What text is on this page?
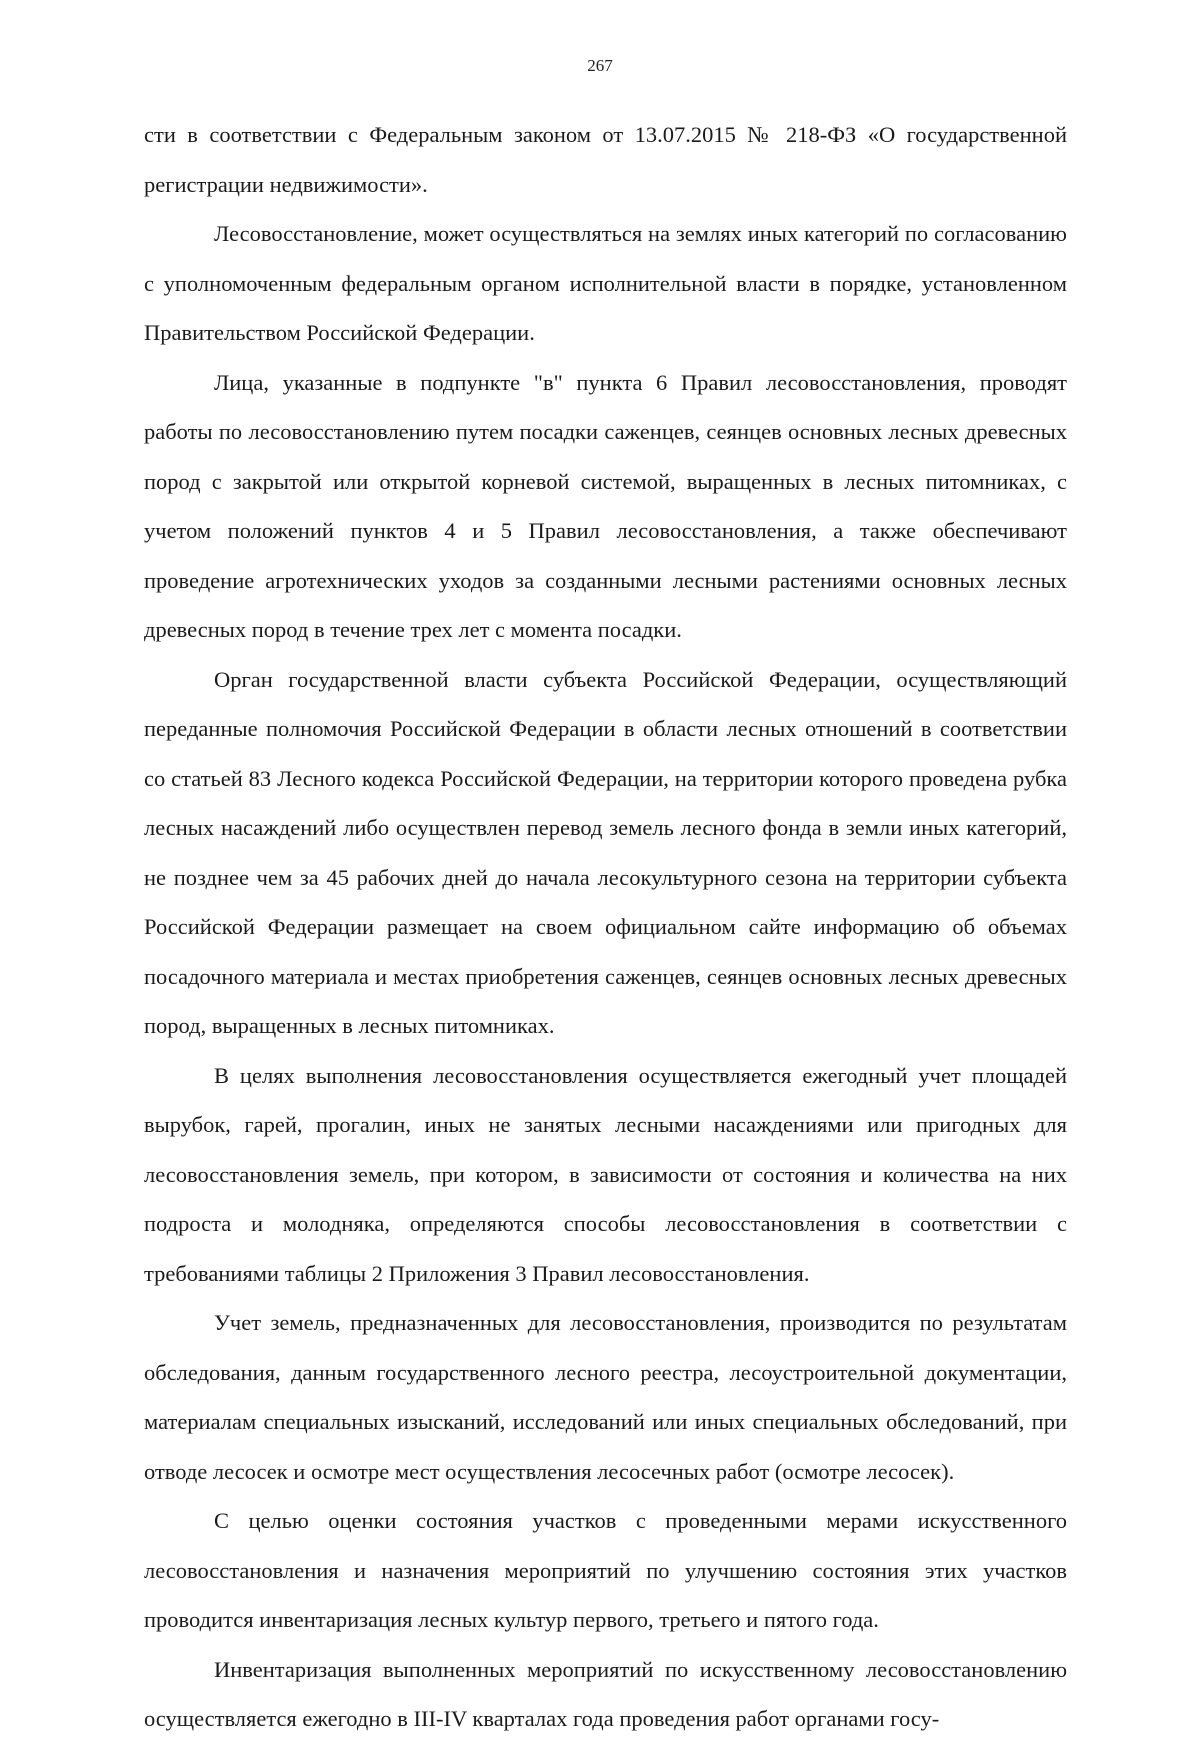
267

сти в соответствии с Федеральным законом от 13.07.2015 № 218-ФЗ «О государственной регистрации недвижимости».

Лесовосстановление, может осуществляться на землях иных категорий по согласованию с уполномоченным федеральным органом исполнительной власти в порядке, установленном Правительством Российской Федерации.

Лица, указанные в подпункте "в" пункта 6 Правил лесовосстановления, проводят работы по лесовосстановлению путем посадки саженцев, сеянцев основных лесных древесных пород с закрытой или открытой корневой системой, выращенных в лесных питомниках, с учетом положений пунктов 4 и 5 Правил лесовосстановления, а также обеспечивают проведение агротехнических уходов за созданными лесными растениями основных лесных древесных пород в течение трех лет с момента посадки.

Орган государственной власти субъекта Российской Федерации, осуществляющий переданные полномочия Российской Федерации в области лесных отношений в соответствии со статьей 83 Лесного кодекса Российской Федерации, на территории которого проведена рубка лесных насаждений либо осуществлен перевод земель лесного фонда в земли иных категорий, не позднее чем за 45 рабочих дней до начала лесокультурного сезона на территории субъекта Российской Федерации размещает на своем официальном сайте информацию об объемах посадочного материала и местах приобретения саженцев, сеянцев основных лесных древесных пород, выращенных в лесных питомниках.

В целях выполнения лесовосстановления осуществляется ежегодный учет площадей вырубок, гарей, прогалин, иных не занятых лесными насаждениями или пригодных для лесовосстановления земель, при котором, в зависимости от состояния и количества на них подроста и молодняка, определяются способы лесовосстановления в соответствии с требованиями таблицы 2 Приложения 3 Правил лесовосстановления.

Учет земель, предназначенных для лесовосстановления, производится по результатам обследования, данным государственного лесного реестра, лесоустроительной документации, материалам специальных изысканий, исследований или иных специальных обследований, при отводе лесосек и осмотре мест осуществления лесосечных работ (осмотре лесосек).

С целью оценки состояния участков с проведенными мерами искусственного лесовосстановления и назначения мероприятий по улучшению состояния этих участков проводится инвентаризация лесных культур первого, третьего и пятого года.

Инвентаризация выполненных мероприятий по искусственному лесовосстановлению осуществляется ежегодно в III-IV кварталах года проведения работ органами госу-
